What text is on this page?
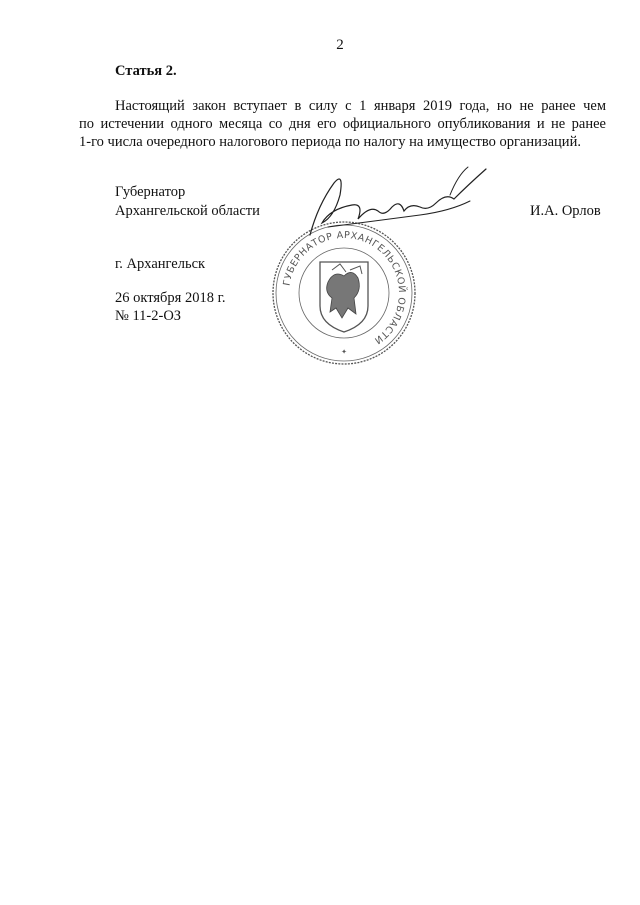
2

Статья 2.

Настоящий закон вступает в силу с 1 января 2019 года, но не ранее чем

по истечении одного месяца со дня его официального опубликования и не ранее

1-го числа очередного налогового периода по налогу на имущество организаций.

Губернатор

Архангельской области	И.А. Орлов

г. Архангельск

26 октября 2018 г.

№ 11-2-ОЗ

ГУБЕРНАТОР АРХАНГЕЛЬСКОЙ ОБЛАСТИ
✦
